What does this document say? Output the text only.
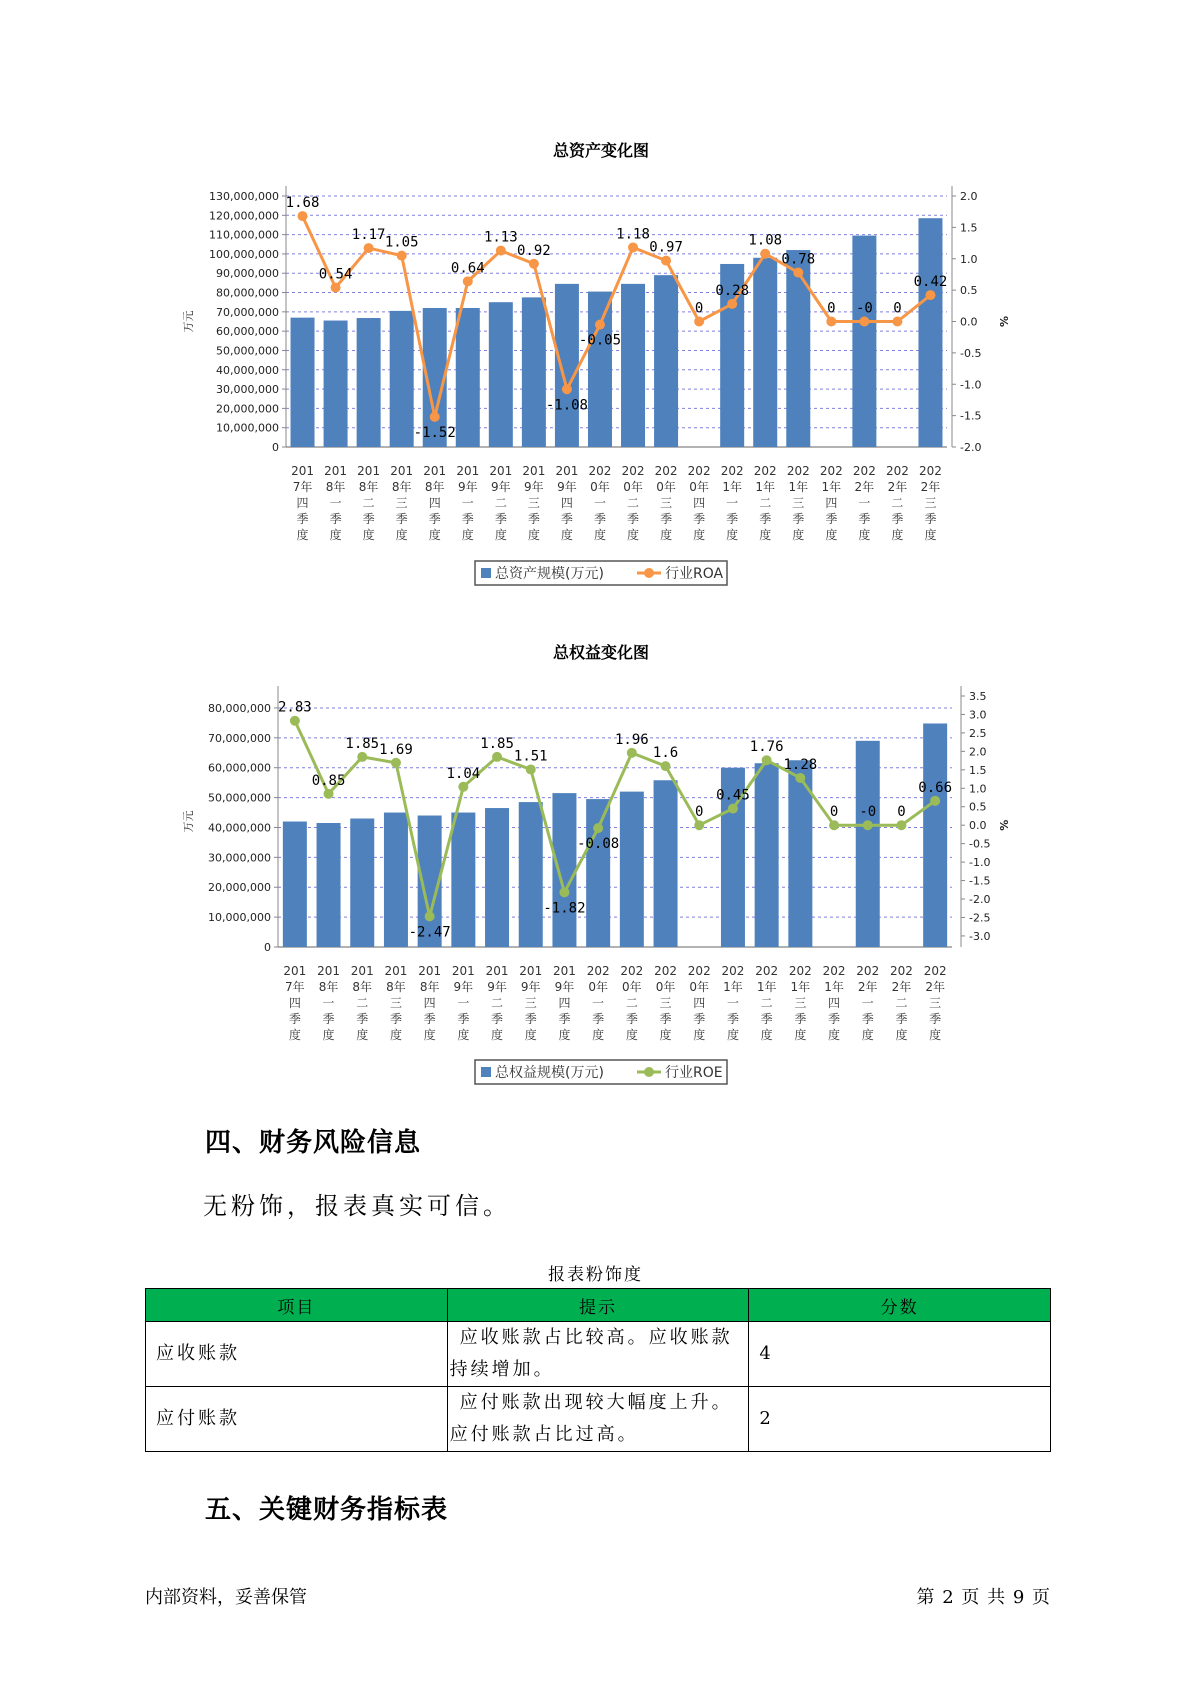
总资产变化图
0
10,000,000
20,000,000
30,000,000
40,000,000
50,000,000
60,000,000
70,000,000
80,000,000
90,000,000
100,000,000
110,000,000
120,000,000
130,000,000
-2.0
-1.5
-1.0
-0.5
0.0
0.5
1.0
1.5
2.0
万元	%
201
7年
四
季
度
201
8年
一
季
度
201
8年
二
季
度
201
8年
三
季
度
201
8年
四
季
度
201
9年
一
季
度
201
9年
二
季
度
201
9年
三
季
度
201
9年
四
季
度
202
0年
一
季
度
202
0年
二
季
度
202
0年
三
季
度
202
0年
四
季
度
202
1年
一
季
度
202
1年
二
季
度
202
1年
三
季
度
202
1年
四
季
度
202
2年
一
季
度
202
2年
二
季
度
202
2年
三
季
度
1.68
0.54
1.17 1.05
-1.52
0.64
1.13
0.92
-1.08
-0.05
1.18
0.97
0
0.28
1.08
0.78
0 -0 0
0.42
总资产规模(万元)	行业ROA
总权益变化图
0
10,000,000
20,000,000
30,000,000
40,000,000
50,000,000
60,000,000
70,000,000
80,000,000
-3.0
-2.5
-2.0
-1.5
-1.0
-0.5
0.0
0.5
1.0
1.5
2.0
2.5
3.0
3.5
万元	%
201
7年
四
季
度
201
8年
一
季
度
201
8年
二
季
度
201
8年
三
季
度
201
8年
四
季
度
201
9年
一
季
度
201
9年
二
季
度
201
9年
三
季
度
201
9年
四
季
度
202
0年
一
季
度
202
0年
二
季
度
202
0年
三
季
度
202
0年
四
季
度
202
1年
一
季
度
202
1年
二
季
度
202
1年
三
季
度
202
1年
四
季
度
202
2年
一
季
度
202
2年
二
季
度
202
2年
三
季
度
2.83
0.85
1.85 1.69
-2.47
1.04
1.85
1.51
-1.82
-0.08
1.96
1.6
0
0.45
1.76
1.28
0 -0 0
0.66
总权益规模(万元)	行业ROE
四、财务风险信息
无粉饰，报表真实可信。
报表粉饰度
项目	提示	分数
应收账款	应收账款占比较高。应收账款持续增加。	4
应付账款	应付账款出现较大幅度上升。应付账款占比过高。	2
五、关键财务指标表
内部资料，妥善保管	第 2 页 共 9 页
